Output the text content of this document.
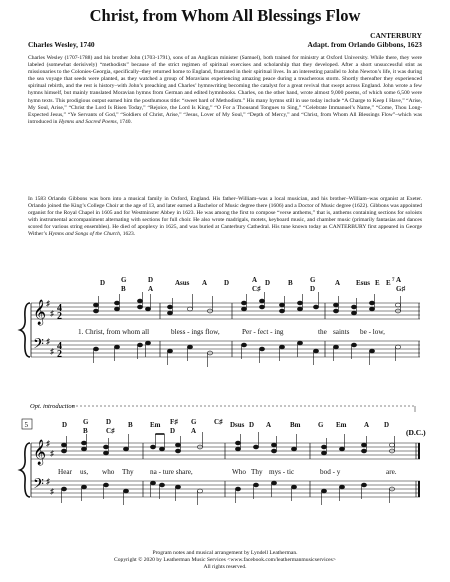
Christ, from Whom All Blessings Flow
CANTERBURY
Adapt. from Orlando Gibbons, 1623
Charles Wesley, 1740

Charles Wesley (1707-1788) and his brother John (1703-1791), sons of an Anglican minister (Samuel), both trained for ministry at Oxford University. While there, they were labeled (somewhat derisively) “methodists” because of the strict regimen of spiritual exercises and scholarship that they developed. After a short unsuccessful stint as missionaries to the Colonies-Georgia, specifically–they returned home to England, frustrated in their spiritual lives. In an interesting parallel to John Newton’s life, it was during the sea voyage that seeds were planted, as they watched a group of Moravians experiencing amazing peace during a treacherous storm. Shortly thereafter they experienced spiritual rebirth, and the rest is history–with John’s preaching and Charles’ hymnwriting becoming the catalyst for a great revival that swept across England. John wrote a few hymns himself, but mainly translated Moravian hymns from German and edited hymnbooks. Charles, on the other hand, wrote almost 9,000 poems, of which some 6,500 were hymn texts. This prodigious output earned him the posthumous title: “sweet bard of Methodism.” His many hymns still in use today include “A Charge to Keep I Have,” “Arise, My Soul, Arise,” “Christ the Lord Is Risen Today,” “Rejoice, the Lord Is King,” “O For a Thousand Tongues to Sing,” “Celebrate Immanuel’s Name,” “Come, Thou Long-Expected Jesus,” “Ye Servants of God,” “Soldiers of Christ, Arise,” “Jesus, Lover of My Soul,” “Depth of Mercy,” and “Christ, from Whom All Blessings Flow”–which was introduced in Hymns and Sacred Poems, 1740.

In 1583 Orlando Gibbons was born into a musical family in Oxford, England. His father–William–was a local musician, and his brother–William–was organist at Exeter. Orlando joined the King’s College Choir at the age of 13, and later earned a Bachelor of Music degree there (1606) and a Doctor of Music degree (1622). Gibbons was appointed organist for the Royal Chapel in 1605 and for Westminster Abbey in 1623. He was among the first to compose “verse anthems,” that is, anthems containing sections for soloists with instrumental accompaniment alternating with sections for full choir. He also wrote madrigals, motets, keyboard music, and chamber music (primarily fantasias and dances scored for various string ensembles). He died of apoplexy in 1625, and was buried at Canterbury Cathedral. His tune known today as CANTERBURY first appeared in George Wither’s Hymns and Songs of the Church, 1623.

D G
B
D
A
Asus A D	A
C♯
D	B G
D
A Esus E E 7 A
G♯
𝄞
𝄢
♯
♯
♯
♯
4
2
4
2
1. Christ, from whom all	bless - ings flow,	Per - fect - ing	the saints be - low,
Opt. introduction
D G
B
D
C♯
B Em F♯
D
G
A
C♯ Dsus D A	Bm	G Em	A D
(D.C.)
5
𝄞
𝄢
♯
♯
♯
♯
Hear us, who Thy na - ture share,	Who Thy mys - tic	bod - y	are.
Program notes and musical arrangement by Lyndell Leatherman.
Copyright © 2020 by Leatherman Music Services <www.facebook.com/leathermanmusicservices>
All rights reserved.
